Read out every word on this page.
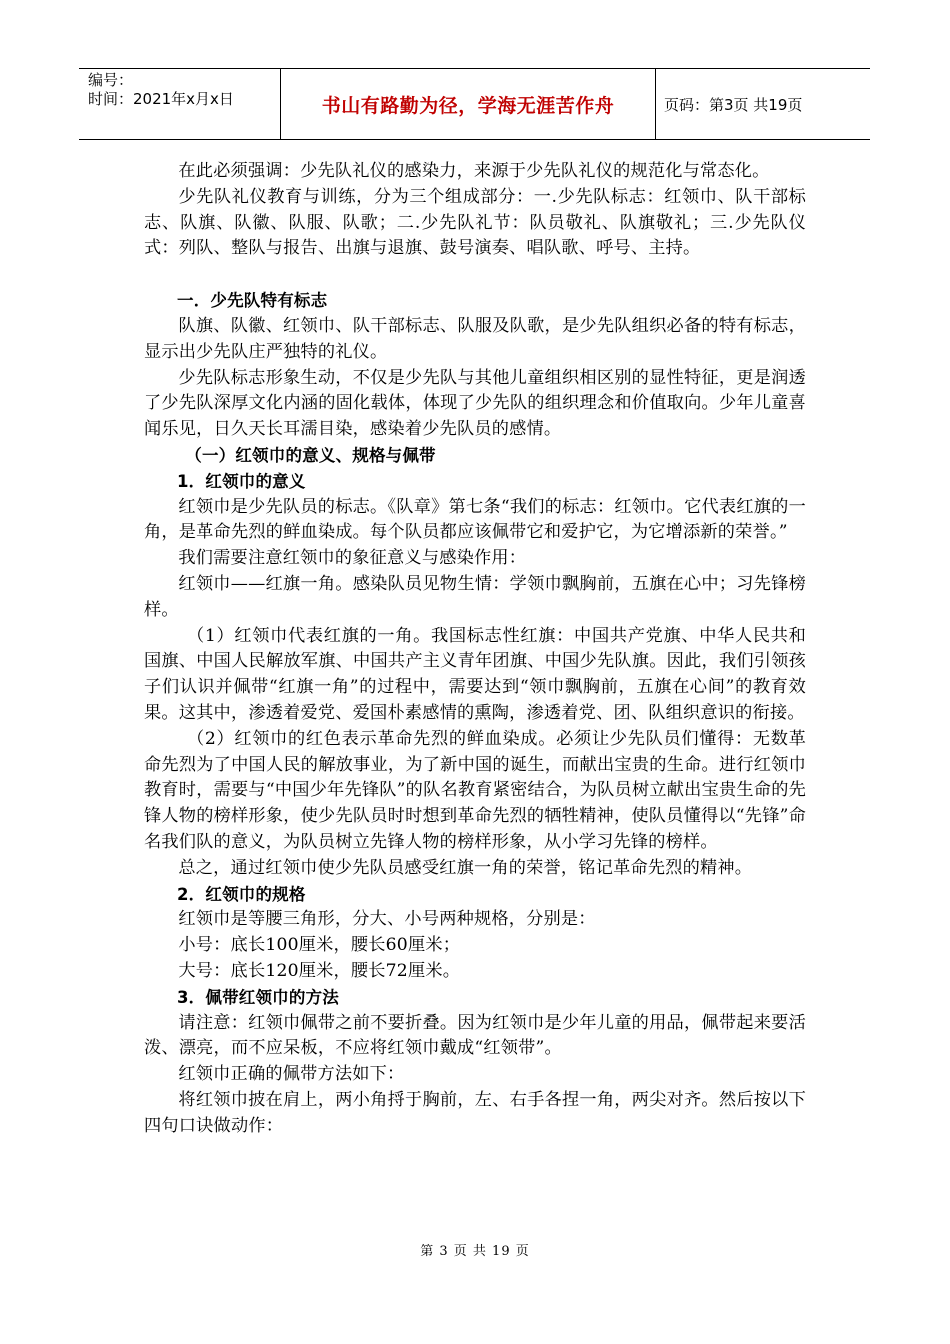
编号：
时间：2021年x月x日	书山有路勤为径，学海无涯苦作舟	页码：第3页 共19页

在此必须强调：少先队礼仪的感染力，来源于少先队礼仪的规范化与常态化。

少先队礼仪教育与训练，分为三个组成部分：一.少先队标志：红领巾、队干部标志、队旗、队徽、队服、队歌；二.少先队礼节：队员敬礼、队旗敬礼；三.少先队仪式：列队、整队与报告、出旗与退旗、鼓号演奏、唱队歌、呼号、主持。

一．少先队特有标志

队旗、队徽、红领巾、队干部标志、队服及队歌，是少先队组织必备的特有标志，显示出少先队庄严独特的礼仪。

少先队标志形象生动，不仅是少先队与其他儿童组织相区别的显性特征，更是润透了少先队深厚文化内涵的固化载体，体现了少先队的组织理念和价值取向。少年儿童喜闻乐见，日久天长耳濡目染，感染着少先队员的感情。

（一）红领巾的意义、规格与佩带

1．红领巾的意义

红领巾是少先队员的标志。《队章》第七条“我们的标志：红领巾。它代表红旗的一角，是革命先烈的鲜血染成。每个队员都应该佩带它和爱护它，为它增添新的荣誉。”

我们需要注意红领巾的象征意义与感染作用：

红领巾——红旗一角。感染队员见物生情：学领巾飘胸前，五旗在心中；习先锋榜样。

（1）红领巾代表红旗的一角。我国标志性红旗：中国共产党旗、中华人民共和国旗、中国人民解放军旗、中国共产主义青年团旗、中国少先队旗。因此，我们引领孩子们认识并佩带“红旗一角”的过程中，需要达到“领巾飘胸前，五旗在心间”的教育效果。这其中，渗透着爱党、爱国朴素感情的熏陶，渗透着党、团、队组织意识的衔接。

（2）红领巾的红色表示革命先烈的鲜血染成。必须让少先队员们懂得：无数革命先烈为了中国人民的解放事业，为了新中国的诞生，而献出宝贵的生命。进行红领巾教育时，需要与“中国少年先锋队”的队名教育紧密结合，为队员树立献出宝贵生命的先锋人物的榜样形象，使少先队员时时想到革命先烈的牺牲精神，使队员懂得以“先锋”命名我们队的意义，为队员树立先锋人物的榜样形象，从小学习先锋的榜样。

总之，通过红领巾使少先队员感受红旗一角的荣誉，铭记革命先烈的精神。

2．红领巾的规格

红领巾是等腰三角形，分大、小号两种规格，分别是：

小号：底长100厘米，腰长60厘米；

大号：底长120厘米，腰长72厘米。

3．佩带红领巾的方法

请注意：红领巾佩带之前不要折叠。因为红领巾是少年儿童的用品，佩带起来要活泼、漂亮，而不应呆板，不应将红领巾戴成“红领带”。

红领巾正确的佩带方法如下：

将红领巾披在肩上，两小角捋于胸前，左、右手各捏一角，两尖对齐。然后按以下四句口诀做动作：

第 3 页 共 19 页
